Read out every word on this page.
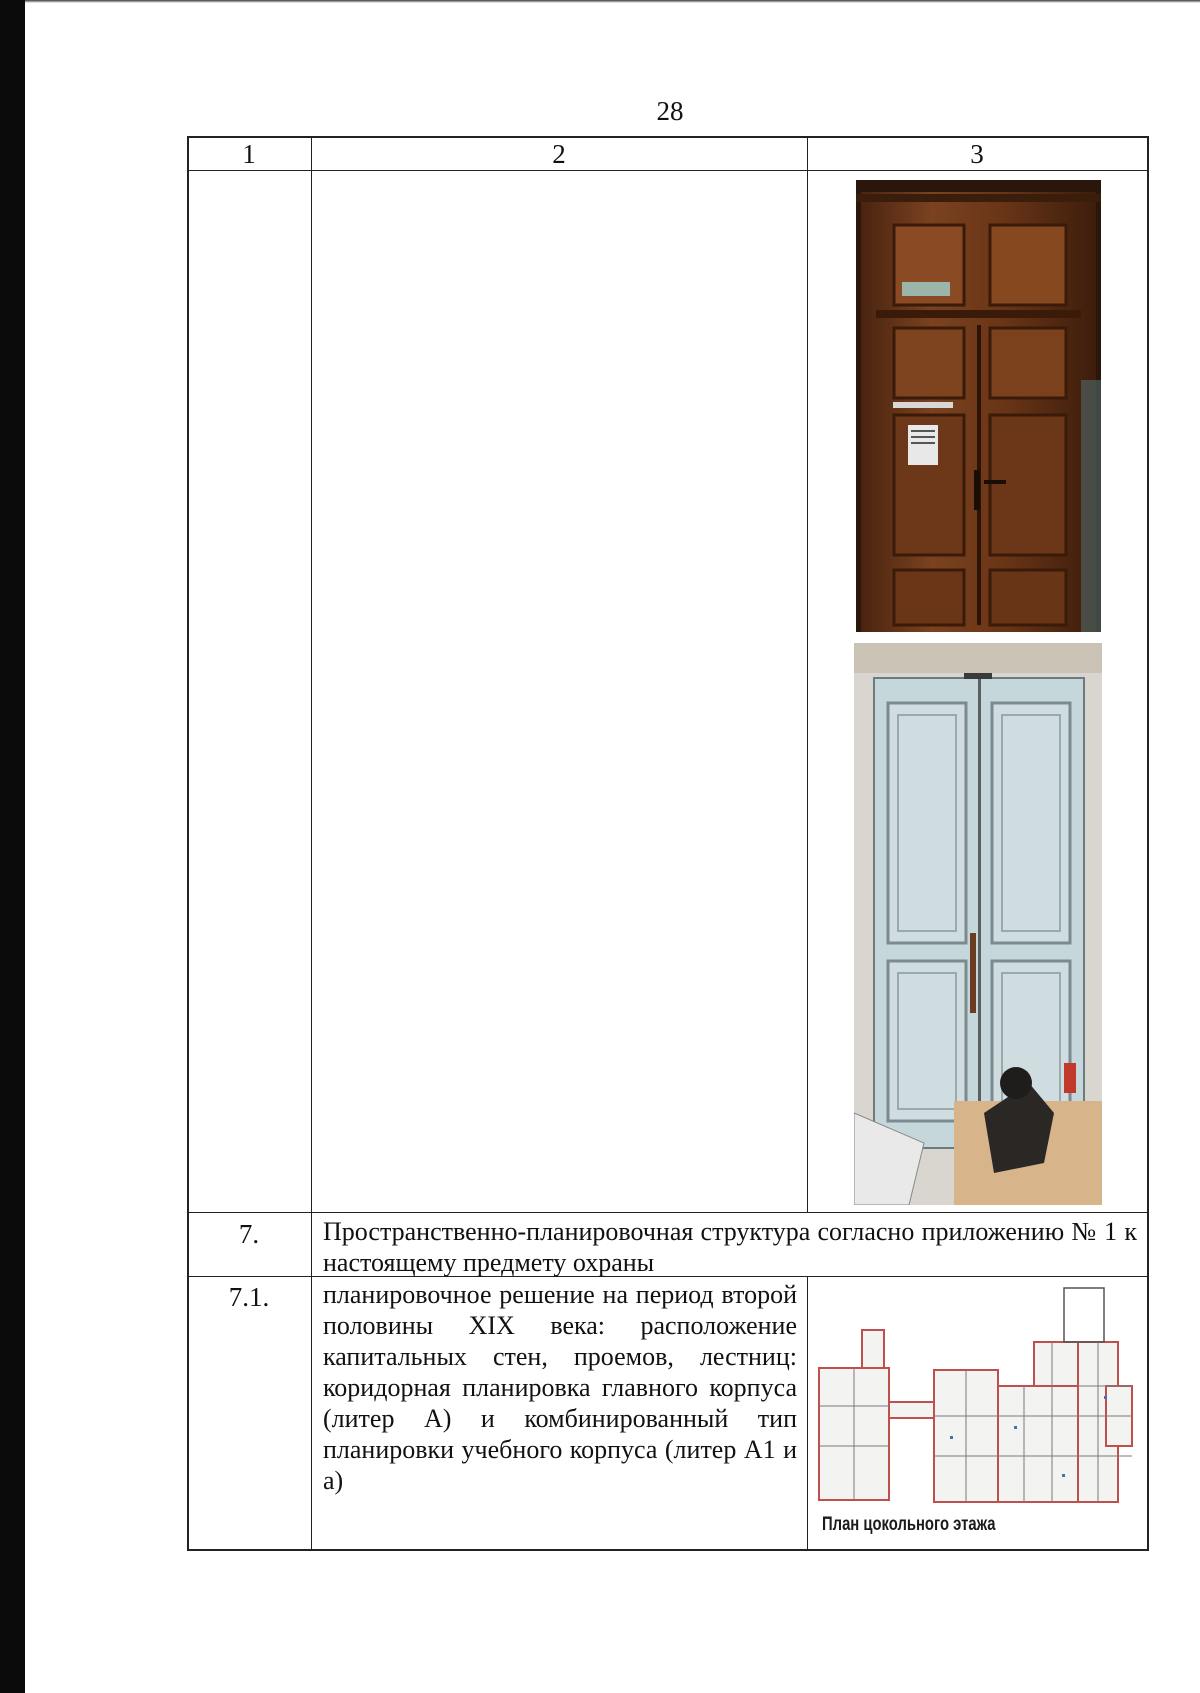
28
1	2	3
7.	Пространственно-планировочная структура согласно приложению № 1 к настоящему предмету охраны
7.1.	планировочное решение на период второй половины XIX века: расположение капитальных стен, проемов, лестниц: коридорная планировка главного корпуса (литер А) и комбинированный тип планировки учебного корпуса (литер А1 и а)
План цокольного этажа
